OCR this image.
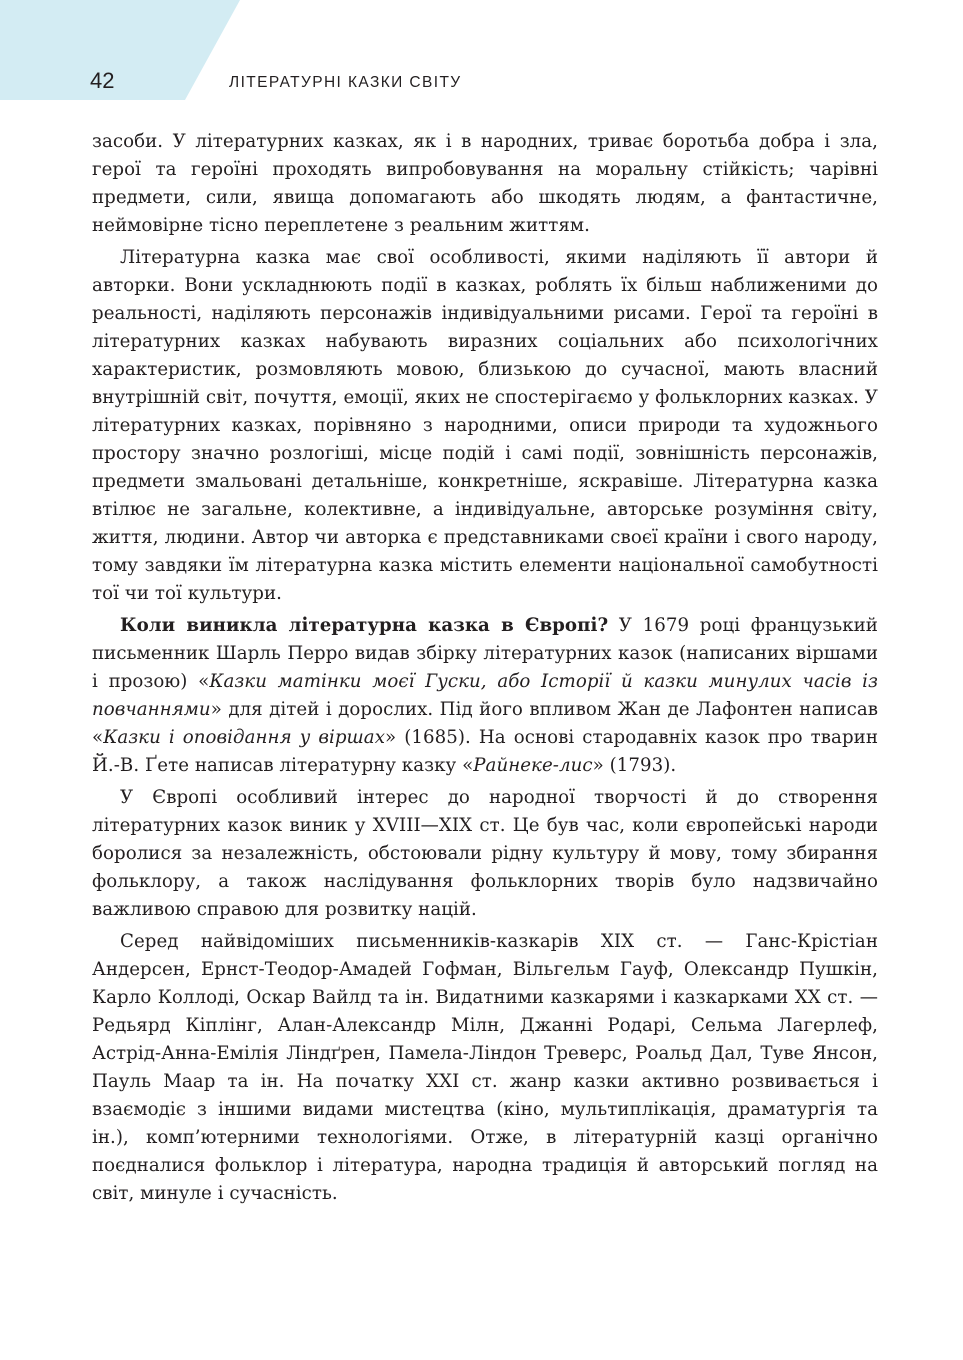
42	ЛІТЕРАТУРНІ КАЗКИ СВІТУ

засоби. У літературних казках, як і в народних, триває боротьба добра і зла, герої та героїні проходять випробовування на моральну стійкість; чарівні предмети, сили, явища допомагають або шкодять людям, а фантастичне, неймовірне тісно переплетене з реальним життям.

Літературна казка має свої особливості, якими наділяють її автори й авторки. Вони ускладнюють події в казках, роблять їх більш наближеними до реальності, наділяють персонажів індивідуальними рисами. Герої та героїні в літературних казках набувають виразних соціальних або психологічних характеристик, розмовляють мовою, близькою до сучасної, мають власний внутрішній світ, почуття, емоції, яких не спостерігаємо у фольклорних казках. У літературних казках, порівняно з народними, описи природи та художнього простору значно розлогіші, місце подій і самі події, зовнішність персонажів, предмети змальовані детальніше, конкретніше, яскравіше. Літературна казка втілює не загальне, колективне, а індивідуальне, авторське розуміння світу, життя, людини. Автор чи авторка є представниками своєї країни і свого народу, тому завдяки їм літературна казка містить елементи національної самобутності тої чи тої культури.

Коли виникла літературна казка в Європі? У 1679 році французький письменник Шарль Перро видав збірку літературних казок (написаних віршами і прозою) «Казки матінки моєї Гуски, або Історії й казки минулих часів із повчаннями» для дітей і дорослих. Під його впливом Жан де Лафонтен написав «Казки і оповідання у віршах» (1685). На основі стародавніх казок про тварин Й.-В. Ґете написав літературну казку «Райнеке-лис» (1793).

У Європі особливий інтерес до народної творчості й до створення літературних казок виник у XVIII—XIX ст. Це був час, коли європейські народи боролися за незалежність, обстоювали рідну культуру й мову, тому збирання фольклору, а також наслідування фольклорних творів було надзвичайно важливою справою для розвитку націй.

Серед найвідоміших письменників-казкарів XIX ст. — Ганс-Крістіан Андерсен, Ернст-Теодор-Амадей Гофман, Вільгельм Гауф, Олександр Пушкін, Карло Коллоді, Оскар Вайлд та ін. Видатними казкарями і казкарками XX ст. — Редьярд Кіплінг, Алан-Александр Мілн, Джанні Родарі, Сельма Лагерлеф, Астрід-Анна-Емілія Ліндґрен, Памела-Ліндон Треверс, Роальд Дал, Туве Янсон, Пауль Маар та ін. На початку XXI ст. жанр казки активно розвивається і взаємодіє з іншими видами мистецтва (кіно, мультиплікація, драматургія та ін.), комп’ютерними технологіями. Отже, в літературній казці органічно поєдналися фольклор і література, народна традиція й авторський погляд на світ, минуле і сучасність.
